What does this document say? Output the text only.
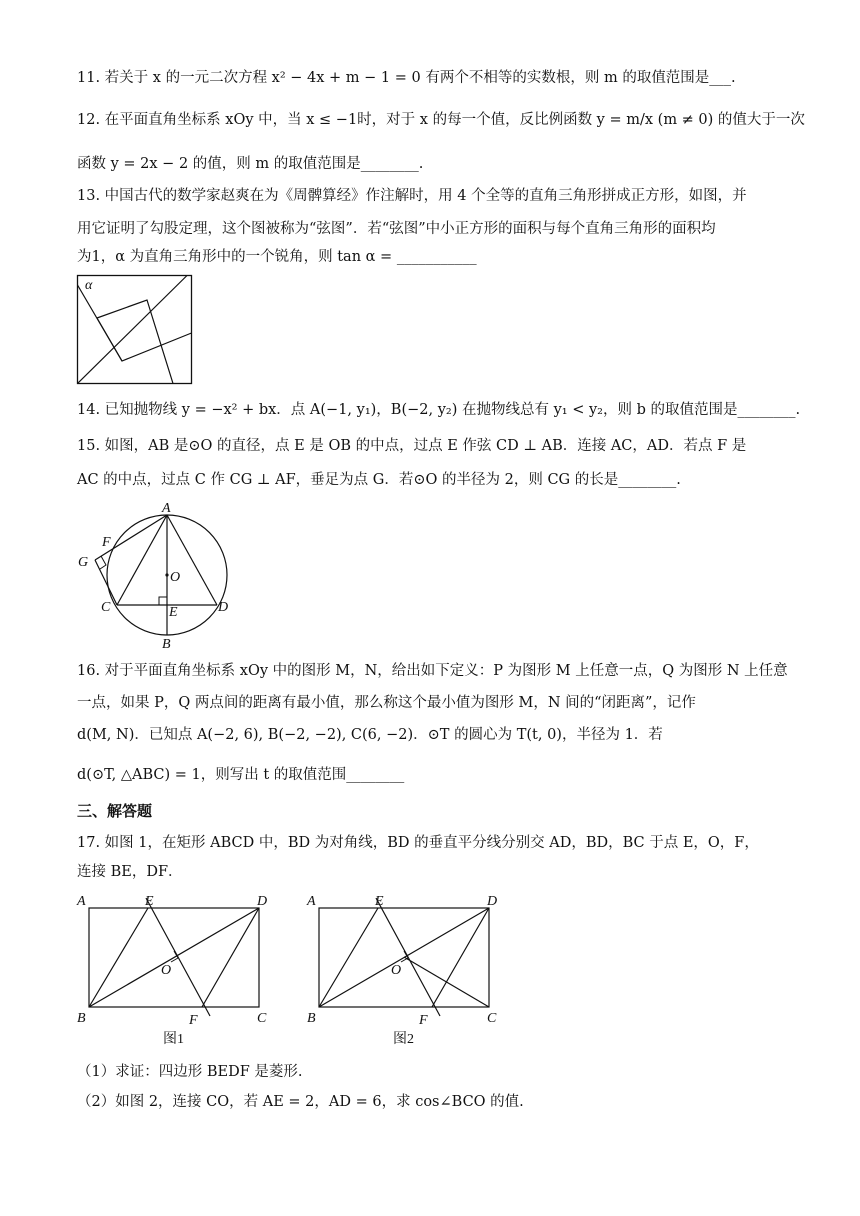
11. 若关于 x 的一元二次方程 x² − 4x + m − 1 = 0 有两个不相等的实数根，则 m 的取值范围是___.
12. 在平面直角坐标系 xOy 中，当 x ≤ −1时，对于 x 的每一个值，反比例函数 y = m/x (m ≠ 0) 的值大于一次
函数 y = 2x − 2 的值，则 m 的取值范围是________.
13. 中国古代的数学家赵爽在为《周髀算经》作注解时，用 4 个全等的直角三角形拼成正方形，如图，并
用它证明了勾股定理，这个图被称为“弦图”．若“弦图”中小正方形的面积与每个直角三角形的面积均
为1，α 为直角三角形中的一个锐角，则 tan α = ___________
α
14. 已知抛物线 y = −x² + bx．点 A(−1, y₁)，B(−2, y₂) 在抛物线总有 y₁ < y₂，则 b 的取值范围是________.
15. 如图，AB 是⊙O 的直径，点 E 是 OB 的中点，过点 E 作弦 CD ⊥ AB．连接 AC，AD．若点 F 是
AC 的中点，过点 C 作 CG ⊥ AF，垂足为点 G．若⊙O 的半径为 2，则 CG 的长是________.
A
F
G
O
C	E	D
B
16. 对于平面直角坐标系 xOy 中的图形 M，N，给出如下定义：P 为图形 M 上任意一点，Q 为图形 N 上任意
一点，如果 P，Q 两点间的距离有最小值，那么称这个最小值为图形 M，N 间的“闭距离”，记作
d(M, N)．已知点 A(−2, 6), B(−2, −2), C(6, −2)．⊙T 的圆心为 T(t, 0)，半径为 1．若
d(⊙T, △ABC) = 1，则写出 t 的取值范围________
三、解答题
17. 如图 1，在矩形 ABCD 中，BD 为对角线，BD 的垂直平分线分别交 AD，BD，BC 于点 E，O，F，
连接 BE，DF．
A	E	D
O
B	F	C
图1
A	E	D
O
B	F	C
图2
（1）求证：四边形 BEDF 是菱形.
（2）如图 2，连接 CO，若 AE = 2，AD = 6，求 cos∠BCO 的值.
